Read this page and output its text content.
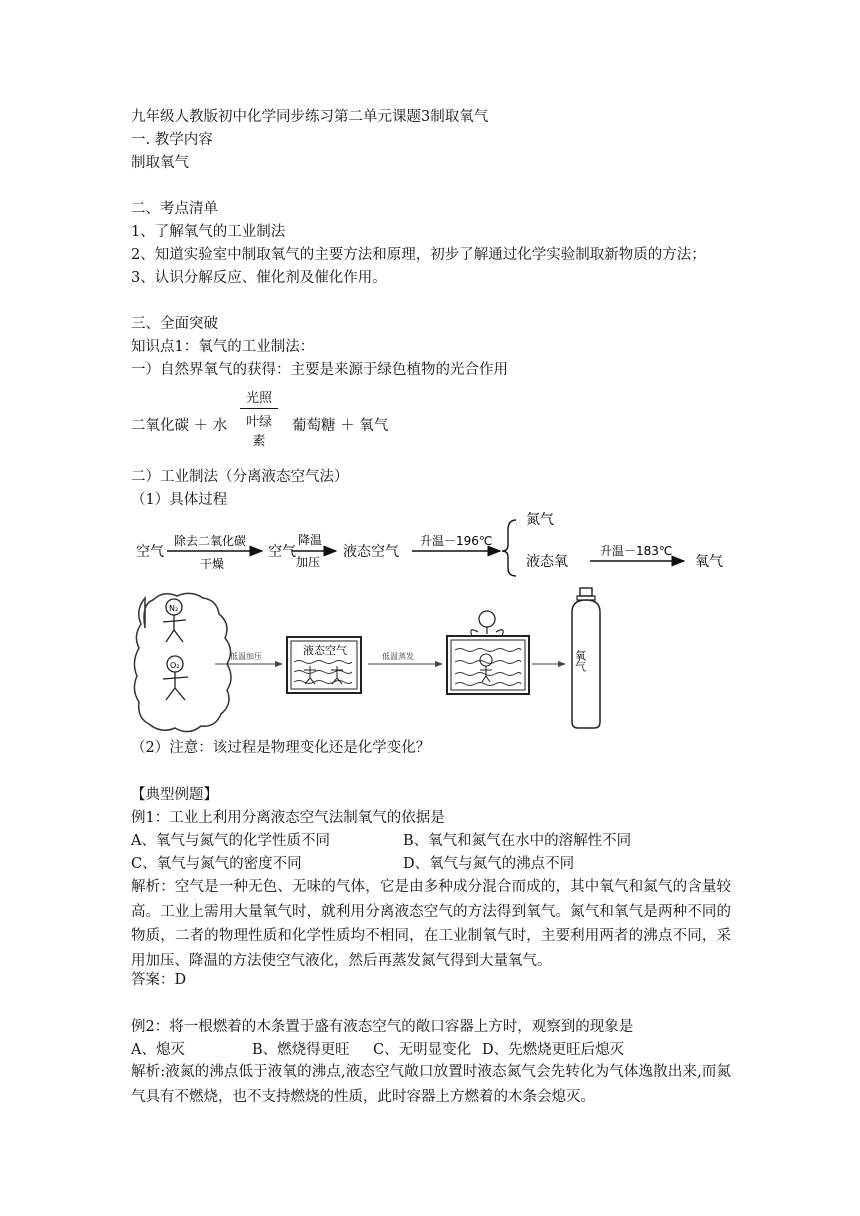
九年级人教版初中化学同步练习第二单元课题3制取氧气
一. 教学内容
制取氧气
二、考点清单
1、了解氧气的工业制法
2、知道实验室中制取氧气的主要方法和原理，初步了解通过化学实验制取新物质的方法；
3、认识分解反应、催化剂及催化作用。
三、全面突破
知识点1：氧气的工业制法：
一）自然界氧气的获得：主要是来源于绿色植物的光合作用
二氧化碳 ＋ 水
光照
叶绿素
葡萄糖 ＋ 氧气
二）工业制法（分离液态空气法）
（1）具体过程
空气
除去二氧化碳
干燥
空气
降温
加压
液态空气
升温－196℃
氮气
液态氧
升温－183℃
氧气
N₂
O₂
低温加压	液态空气	低温蒸发	氧气
（2）注意：该过程是物理变化还是化学变化？
【典型例题】
例1：工业上利用分离液态空气法制氧气的依据是
A、氧气与氮气的化学性质不同	B、氧气和氮气在水中的溶解性不同
C、氧气与氮气的密度不同	D、氧气与氮气的沸点不同
解析：空气是一种无色、无味的气体，它是由多种成分混合而成的，其中氧气和氮气的含量较高。工业上需用大量氧气时，就利用分离液态空气的方法得到氧气。氮气和氧气是两种不同的物质，二者的物理性质和化学性质均不相同，在工业制氧气时，主要利用两者的沸点不同，采用加压、降温的方法使空气液化，然后再蒸发氮气得到大量氧气。
答案：D
例2：将一根燃着的木条置于盛有液态空气的敞口容器上方时，观察到的现象是
A、熄灭	B、燃烧得更旺 C、无明显变化 D、先燃烧更旺后熄灭
解析:液氮的沸点低于液氧的沸点,液态空气敞口放置时液态氮气会先转化为气体逸散出来,而氮气具有不燃烧，也不支持燃烧的性质，此时容器上方燃着的木条会熄灭。
